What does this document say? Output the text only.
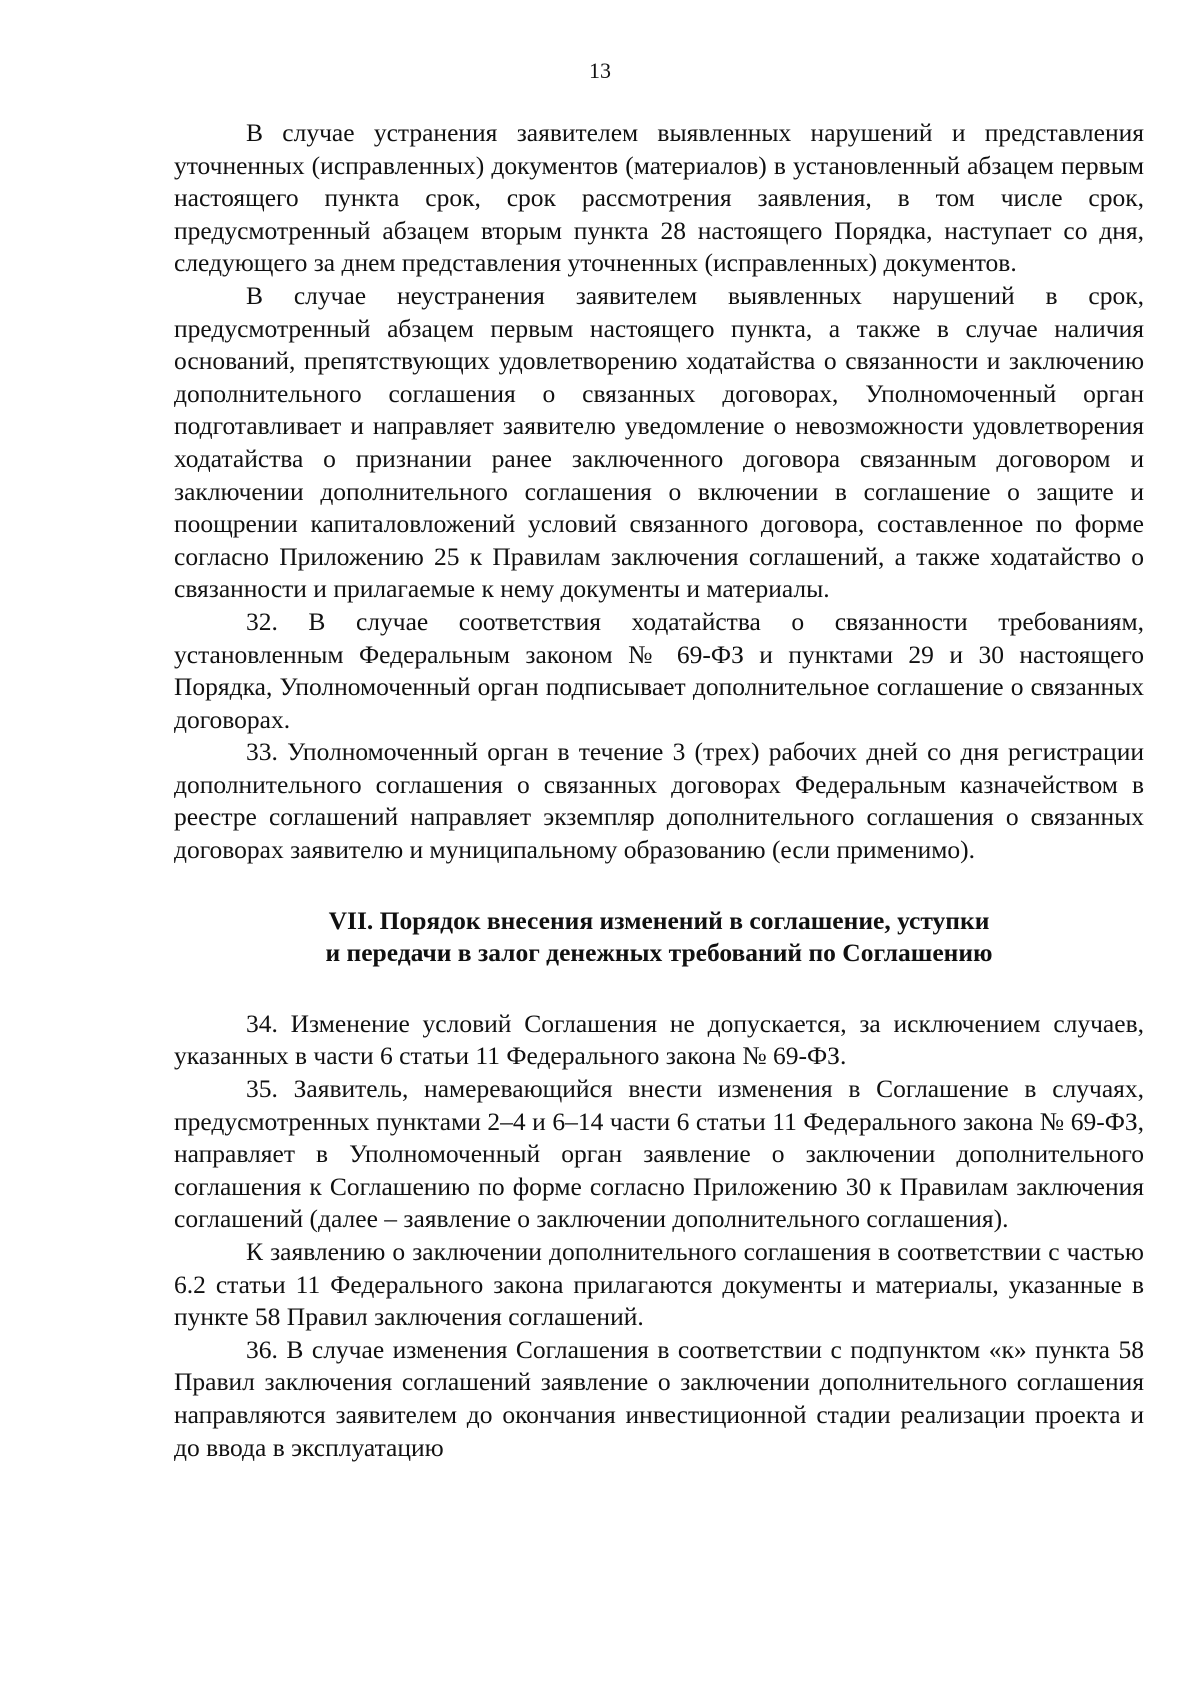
13

В случае устранения заявителем выявленных нарушений и представления уточненных (исправленных) документов (материалов) в установленный абзацем первым настоящего пункта срок, срок рассмотрения заявления, в том числе срок, предусмотренный абзацем вторым пункта 28 настоящего Порядка, наступает со дня, следующего за днем представления уточненных (исправленных) документов.

В случае неустранения заявителем выявленных нарушений в срок, предусмотренный абзацем первым настоящего пункта, а также в случае наличия оснований, препятствующих удовлетворению ходатайства о связанности и заключению дополнительного соглашения о связанных договорах, Уполномоченный орган подготавливает и направляет заявителю уведомление о невозможности удовлетворения ходатайства о признании ранее заключенного договора связанным договором и заключении дополнительного соглашения о включении в соглашение о защите и поощрении капиталовложений условий связанного договора, составленное по форме согласно Приложению 25 к Правилам заключения соглашений, а также ходатайство о связанности и прилагаемые к нему документы и материалы.

32. В случае соответствия ходатайства о связанности требованиям, установленным Федеральным законом № 69-ФЗ и пунктами 29 и 30 настоящего Порядка, Уполномоченный орган подписывает дополнительное соглашение о связанных договорах.

33. Уполномоченный орган в течение 3 (трех) рабочих дней со дня регистрации дополнительного соглашения о связанных договорах Федеральным казначейством в реестре соглашений направляет экземпляр дополнительного соглашения о связанных договорах заявителю и муниципальному образованию (если применимо).

VII. Порядок внесения изменений в соглашение, уступки
и передачи в залог денежных требований по Соглашению

34. Изменение условий Соглашения не допускается, за исключением случаев, указанных в части 6 статьи 11 Федерального закона № 69-ФЗ.

35. Заявитель, намеревающийся внести изменения в Соглашение в случаях, предусмотренных пунктами 2–4 и 6–14 части 6 статьи 11 Федерального закона № 69-ФЗ, направляет в Уполномоченный орган заявление о заключении дополнительного соглашения к Соглашению по форме согласно Приложению 30 к Правилам заключения соглашений (далее – заявление о заключении дополнительного соглашения).

К заявлению о заключении дополнительного соглашения в соответствии с частью 6.2 статьи 11 Федерального закона прилагаются документы и материалы, указанные в пункте 58 Правил заключения соглашений.

36. В случае изменения Соглашения в соответствии с подпунктом «к» пункта 58 Правил заключения соглашений заявление о заключении дополнительного соглашения направляются заявителем до окончания инвестиционной стадии реализации проекта и до ввода в эксплуатацию
